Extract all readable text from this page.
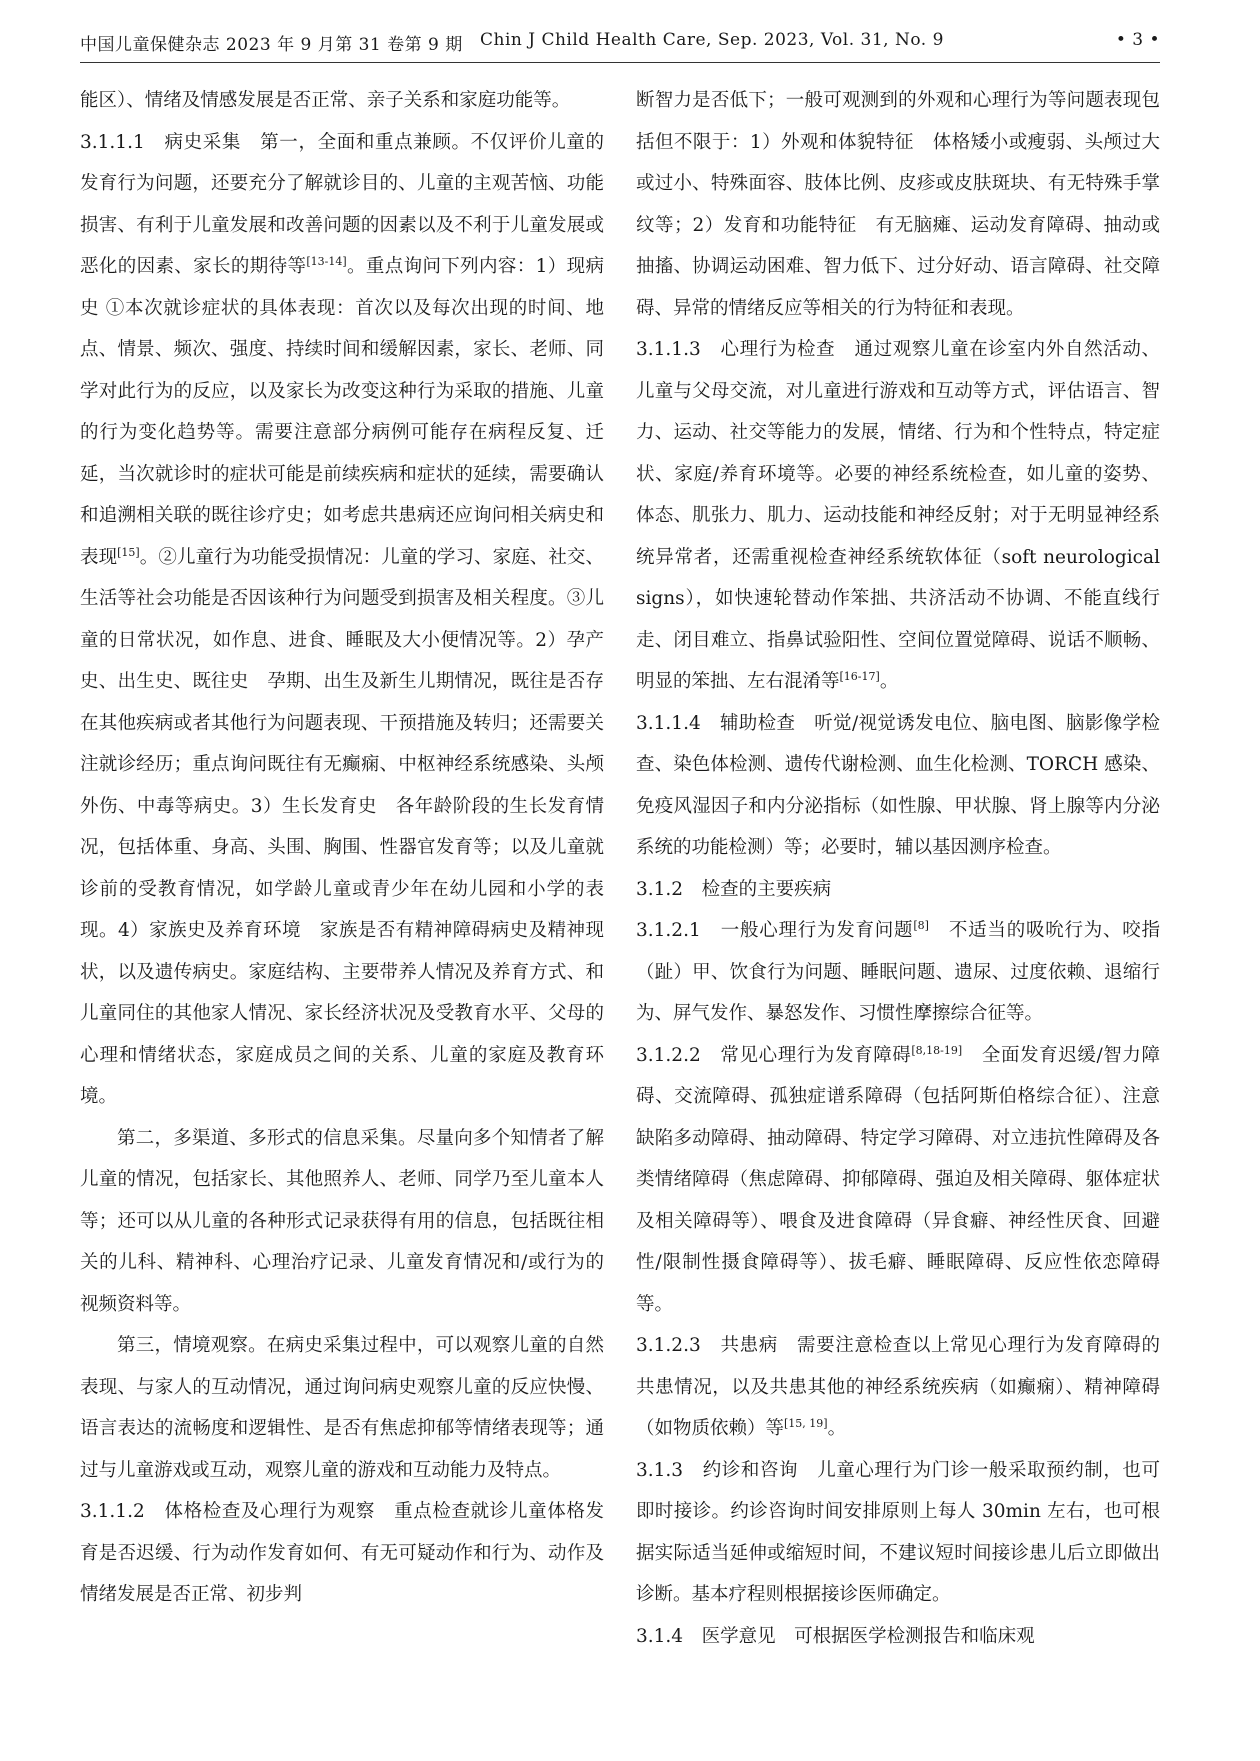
中国儿童保健杂志 2023 年 9 月第 31 卷第 9 期 Chin J Child Health Care, Sep. 2023, Vol. 31, No. 9	• 3 •

能区）、情绪及情感发展是否正常、亲子关系和家庭功能等。

3.1.1.1　病史采集　第一，全面和重点兼顾。不仅评价儿童的发育行为问题，还要充分了解就诊目的、儿童的主观苦恼、功能损害、有利于儿童发展和改善问题的因素以及不利于儿童发展或恶化的因素、家长的期待等[13-14]。重点询问下列内容：1）现病史 ①本次就诊症状的具体表现：首次以及每次出现的时间、地点、情景、频次、强度、持续时间和缓解因素，家长、老师、同学对此行为的反应，以及家长为改变这种行为采取的措施、儿童的行为变化趋势等。需要注意部分病例可能存在病程反复、迁延，当次就诊时的症状可能是前续疾病和症状的延续，需要确认和追溯相关联的既往诊疗史；如考虑共患病还应询问相关病史和表现[15]。②儿童行为功能受损情况：儿童的学习、家庭、社交、生活等社会功能是否因该种行为问题受到损害及相关程度。③儿童的日常状况，如作息、进食、睡眠及大小便情况等。2）孕产史、出生史、既往史　孕期、出生及新生儿期情况，既往是否存在其他疾病或者其他行为问题表现、干预措施及转归；还需要关注就诊经历；重点询问既往有无癫痫、中枢神经系统感染、头颅外伤、中毒等病史。3）生长发育史　各年龄阶段的生长发育情况，包括体重、身高、头围、胸围、性器官发育等；以及儿童就诊前的受教育情况，如学龄儿童或青少年在幼儿园和小学的表现。4）家族史及养育环境　家族是否有精神障碍病史及精神现状，以及遗传病史。家庭结构、主要带养人情况及养育方式、和儿童同住的其他家人情况、家长经济状况及受教育水平、父母的心理和情绪状态，家庭成员之间的关系、儿童的家庭及教育环境。

第二，多渠道、多形式的信息采集。尽量向多个知情者了解儿童的情况，包括家长、其他照养人、老师、同学乃至儿童本人等；还可以从儿童的各种形式记录获得有用的信息，包括既往相关的儿科、精神科、心理治疗记录、儿童发育情况和/或行为的视频资料等。

第三，情境观察。在病史采集过程中，可以观察儿童的自然表现、与家人的互动情况，通过询问病史观察儿童的反应快慢、语言表达的流畅度和逻辑性、是否有焦虑抑郁等情绪表现等；通过与儿童游戏或互动，观察儿童的游戏和互动能力及特点。

3.1.1.2　体格检查及心理行为观察　重点检查就诊儿童体格发育是否迟缓、行为动作发育如何、有无可疑动作和行为、动作及情绪发展是否正常、初步判

断智力是否低下；一般可观测到的外观和心理行为等问题表现包括但不限于：1）外观和体貌特征　体格矮小或瘦弱、头颅过大或过小、特殊面容、肢体比例、皮疹或皮肤斑块、有无特殊手掌纹等；2）发育和功能特征　有无脑瘫、运动发育障碍、抽动或抽搐、协调运动困难、智力低下、过分好动、语言障碍、社交障碍、异常的情绪反应等相关的行为特征和表现。

3.1.1.3　心理行为检查　通过观察儿童在诊室内外自然活动、儿童与父母交流，对儿童进行游戏和互动等方式，评估语言、智力、运动、社交等能力的发展，情绪、行为和个性特点，特定症状、家庭/养育环境等。必要的神经系统检查，如儿童的姿势、体态、肌张力、肌力、运动技能和神经反射；对于无明显神经系统异常者，还需重视检查神经系统软体征（soft neurological signs），如快速轮替动作笨拙、共济活动不协调、不能直线行走、闭目难立、指鼻试验阳性、空间位置觉障碍、说话不顺畅、明显的笨拙、左右混淆等[16-17]。

3.1.1.4　辅助检查　听觉/视觉诱发电位、脑电图、脑影像学检查、染色体检测、遗传代谢检测、血生化检测、TORCH 感染、免疫风湿因子和内分泌指标（如性腺、甲状腺、肾上腺等内分泌系统的功能检测）等；必要时，辅以基因测序检查。

3.1.2　检查的主要疾病

3.1.2.1　一般心理行为发育问题[8]　不适当的吸吮行为、咬指（趾）甲、饮食行为问题、睡眠问题、遗尿、过度依赖、退缩行为、屏气发作、暴怒发作、习惯性摩擦综合征等。

3.1.2.2　常见心理行为发育障碍[8,18-19]　全面发育迟缓/智力障碍、交流障碍、孤独症谱系障碍（包括阿斯伯格综合征）、注意缺陷多动障碍、抽动障碍、特定学习障碍、对立违抗性障碍及各类情绪障碍（焦虑障碍、抑郁障碍、强迫及相关障碍、躯体症状及相关障碍等）、喂食及进食障碍（异食癖、神经性厌食、回避性/限制性摄食障碍等）、拔毛癖、睡眠障碍、反应性依恋障碍等。

3.1.2.3　共患病　需要注意检查以上常见心理行为发育障碍的共患情况，以及共患其他的神经系统疾病（如癫痫）、精神障碍（如物质依赖）等[15, 19]。

3.1.3　约诊和咨询　儿童心理行为门诊一般采取预约制，也可即时接诊。约诊咨询时间安排原则上每人 30min 左右，也可根据实际适当延伸或缩短时间，不建议短时间接诊患儿后立即做出诊断。基本疗程则根据接诊医师确定。

3.1.4　医学意见　可根据医学检测报告和临床观
